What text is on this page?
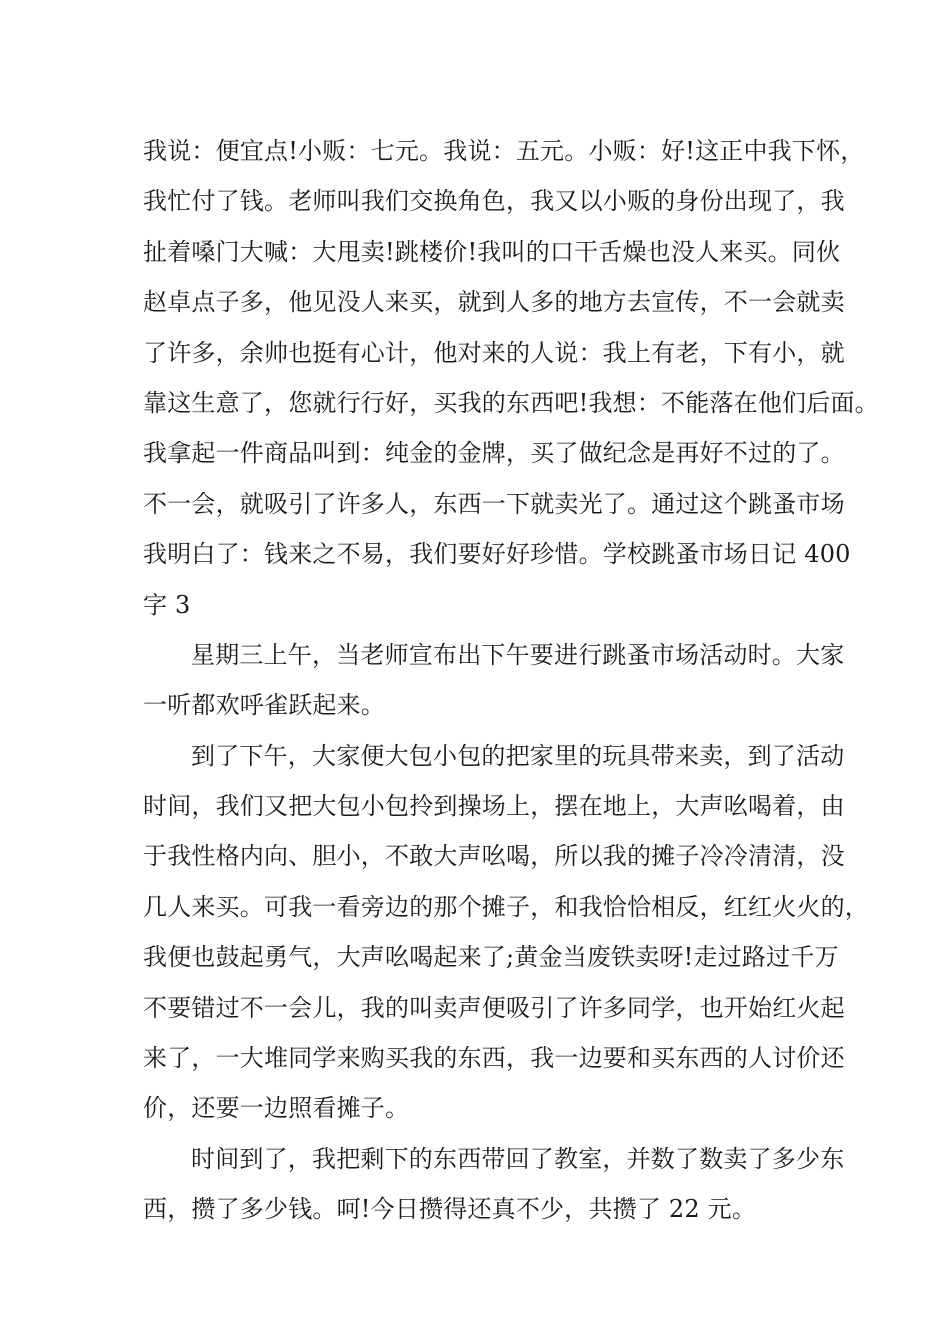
我说：便宜点!小贩：七元。我说：五元。小贩：好!这正中我下怀，
我忙付了钱。老师叫我们交换角色，我又以小贩的身份出现了，我
扯着嗓门大喊：大甩卖!跳楼价!我叫的口干舌燥也没人来买。同伙
赵卓点子多，他见没人来买，就到人多的地方去宣传，不一会就卖
了许多，余帅也挺有心计，他对来的人说：我上有老，下有小，就
靠这生意了，您就行行好，买我的东西吧!我想：不能落在他们后面。
我拿起一件商品叫到：纯金的金牌，买了做纪念是再好不过的了。
不一会，就吸引了许多人，东西一下就卖光了。通过这个跳蚤市场
我明白了：钱来之不易，我们要好好珍惜。学校跳蚤市场日记 400
字 3
星期三上午，当老师宣布出下午要进行跳蚤市场活动时。大家
一听都欢呼雀跃起来。
到了下午，大家便大包小包的把家里的玩具带来卖，到了活动
时间，我们又把大包小包拎到操场上，摆在地上，大声吆喝着，由
于我性格内向、胆小，不敢大声吆喝，所以我的摊子冷冷清清，没
几人来买。可我一看旁边的那个摊子，和我恰恰相反，红红火火的，
我便也鼓起勇气，大声吆喝起来了;黄金当废铁卖呀!走过路过千万
不要错过不一会儿，我的叫卖声便吸引了许多同学，也开始红火起
来了，一大堆同学来购买我的东西，我一边要和买东西的人讨价还
价，还要一边照看摊子。
时间到了，我把剩下的东西带回了教室，并数了数卖了多少东
西，攒了多少钱。呵!今日攒得还真不少，共攒了 22 元。
